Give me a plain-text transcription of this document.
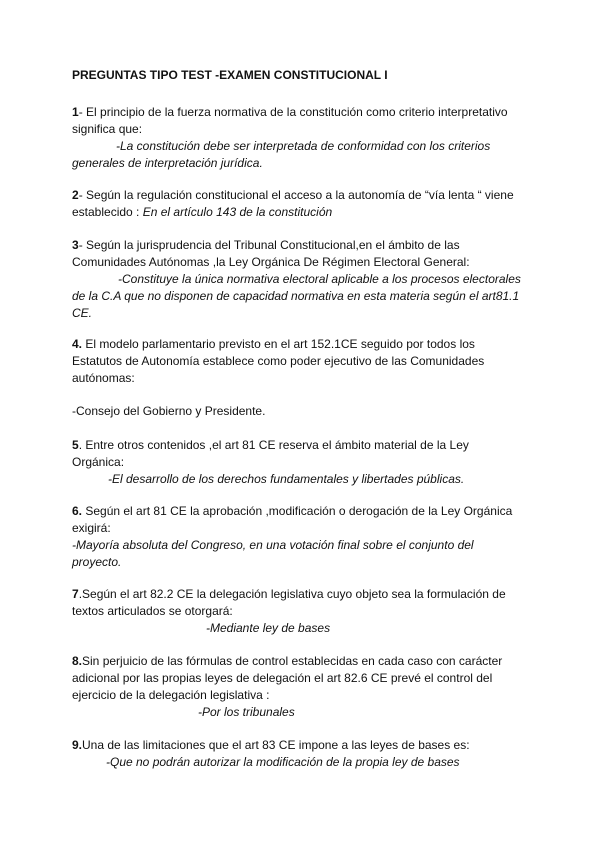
PREGUNTAS TIPO TEST -EXAMEN CONSTITUCIONAL I
1- El principio de la fuerza normativa de la constitución como criterio interpretativo
significa que:
-La constitución debe ser interpretada de conformidad con los criterios
generales de interpretación jurídica.
2- Según la regulación constitucional el acceso a la autonomía de “vía lenta “ viene
establecido : En el artículo 143 de la constitución
3- Según la jurisprudencia del Tribunal Constitucional,en el ámbito de las
Comunidades Autónomas ,la Ley Orgánica De Régimen Electoral General:
-Constituye la única normativa electoral aplicable a los procesos electorales
de la C.A que no disponen de capacidad normativa en esta materia según el art81.1
CE.
4. El modelo parlamentario previsto en el art 152.1CE seguido por todos los
Estatutos de Autonomía establece como poder ejecutivo de las Comunidades
autónomas:
-Consejo del Gobierno y Presidente.
5. Entre otros contenidos ,el art 81 CE reserva el ámbito material de la Ley
Orgánica:
-El desarrollo de los derechos fundamentales y libertades públicas.
6. Según el art 81 CE la aprobación ,modificación o derogación de la Ley Orgánica
exigirá:
-Mayoría absoluta del Congreso, en una votación final sobre el conjunto del
proyecto.
7.Según el art 82.2 CE la delegación legislativa cuyo objeto sea la formulación de
textos articulados se otorgará:
-Mediante ley de bases
8.Sin perjuicio de las fórmulas de control establecidas en cada caso con carácter
adicional por las propias leyes de delegación el art 82.6 CE prevé el control del
ejercicio de la delegación legislativa :
-Por los tribunales
9.Una de las limitaciones que el art 83 CE impone a las leyes de bases es:
-Que no podrán autorizar la modificación de la propia ley de bases
